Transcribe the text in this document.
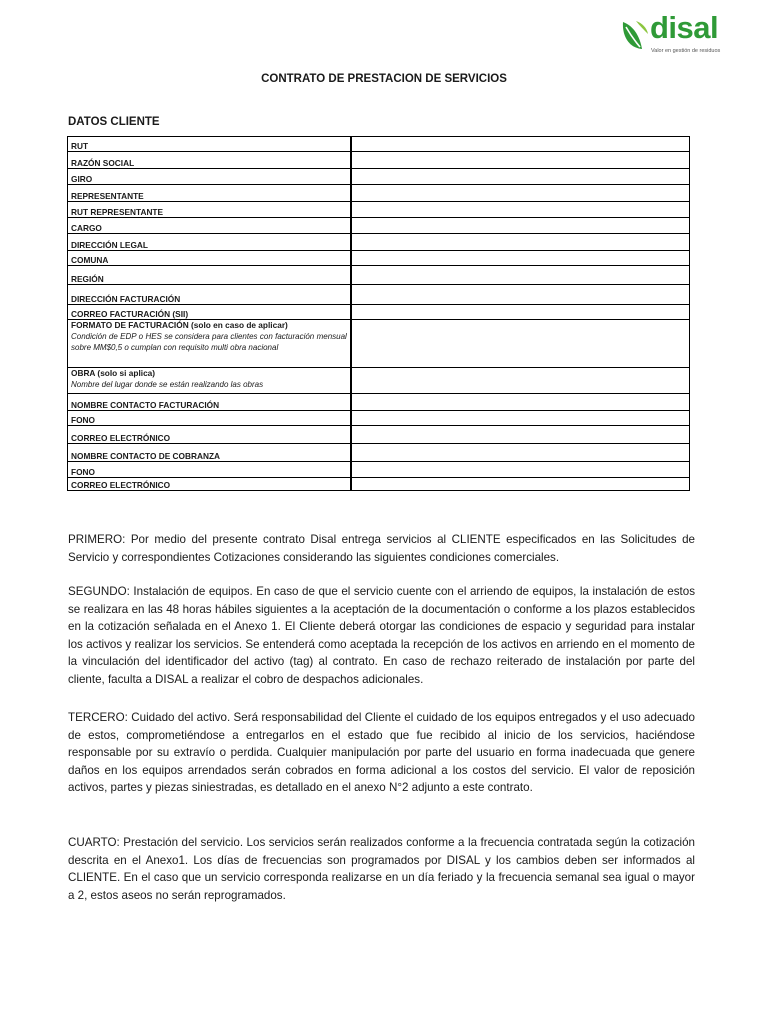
disal
Valor en gestión de residuos
CONTRATO DE PRESTACION DE SERVICIOS
DATOS CLIENTE
RUT	

RAZÓN SOCIAL	

GIRO	

REPRESENTANTE	

RUT REPRESENTANTE	

CARGO	

DIRECCIÓN LEGAL	

COMUNA	

REGIÓN	

DIRECCIÓN FACTURACIÓN	

CORREO FACTURACIÓN (SII)	

FORMATO DE FACTURACIÓN (solo en caso de aplicar)
Condición de EDP o HES se considera para clientes con facturación mensual sobre MM$0,5 o cumplan con requisito multi obra nacional	

OBRA (solo si aplica)
Nombre del lugar donde se están realizando las obras	

NOMBRE CONTACTO FACTURACIÓN	

FONO	

CORREO ELECTRÓNICO	

NOMBRE CONTACTO DE COBRANZA	

FONO	

CORREO ELECTRÓNICO	

PRIMERO: Por medio del presente contrato Disal entrega servicios al CLIENTE especificados en las Solicitudes de Servicio y correspondientes Cotizaciones considerando las siguientes condiciones comerciales.

SEGUNDO: Instalación de equipos. En caso de que el servicio cuente con el arriendo de equipos, la instalación de estos se realizara en las 48 horas hábiles siguientes a la aceptación de la documentación o conforme a los plazos establecidos en la cotización señalada en el Anexo 1. El Cliente deberá otorgar las condiciones de espacio y seguridad para instalar los activos y realizar los servicios. Se entenderá como aceptada la recepción de los activos en arriendo en el momento de la vinculación del identificador del activo (tag) al contrato. En caso de rechazo reiterado de instalación por parte del cliente, faculta a DISAL a realizar el cobro de despachos adicionales.

TERCERO: Cuidado del activo. Será responsabilidad del Cliente el cuidado de los equipos entregados y el uso adecuado de estos, comprometiéndose a entregarlos en el estado que fue recibido al inicio de los servicios, haciéndose responsable por su extravío o perdida. Cualquier manipulación por parte del usuario en forma inadecuada que genere daños en los equipos arrendados serán cobrados en forma adicional a los costos del servicio. El valor de reposición activos, partes y piezas siniestradas, es detallado en el anexo N°2 adjunto a este contrato.

CUARTO: Prestación del servicio. Los servicios serán realizados conforme a la frecuencia contratada según la cotización descrita en el Anexo1. Los días de frecuencias son programados por DISAL y los cambios deben ser informados al CLIENTE. En el caso que un servicio corresponda realizarse en un día feriado y la frecuencia semanal sea igual o mayor a 2, estos aseos no serán reprogramados.
